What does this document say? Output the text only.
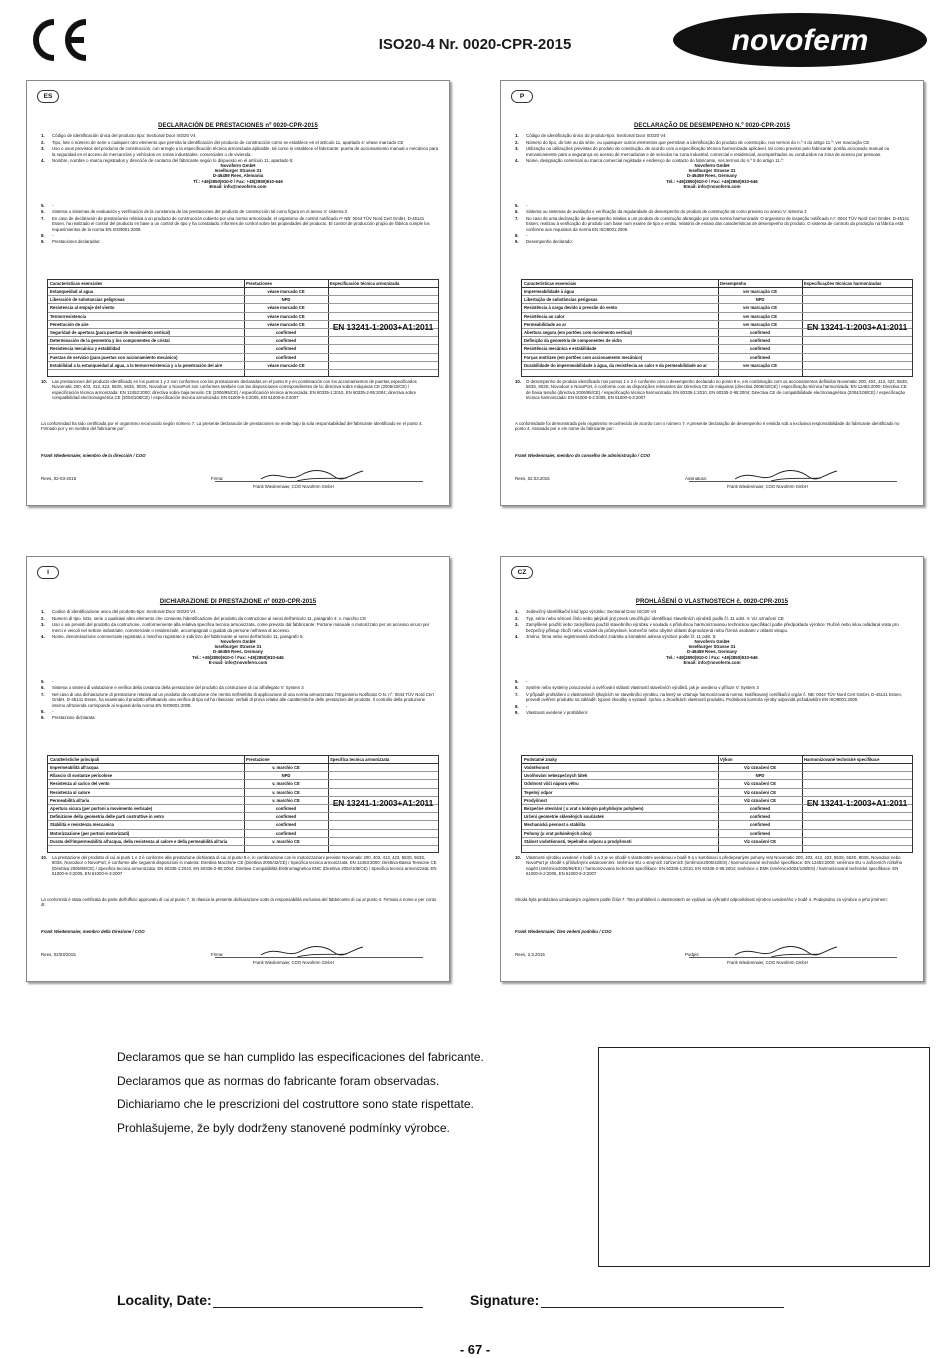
ISO20-4 Nr. 0020-CPR-2015	novoferm
ES
DECLARACIÓN DE PRESTACIONES nº 0020-CPR-2015
1.	Código de identificación única del producto tipo: Sectional Door ISO20 V4
2.	Tipo, lote o número de serie o cualquier otro elemento que permita la identificación del producto de construcción como se establece en el artículo 11, apartado 4: véase marcado CE
3.	Uso o usos previstos del producto de construcción, con arreglo a la especificación técnica armonizada aplicable, tal como lo establece el fabricante: puerta de accionamiento manual o mecánico para la seguridad en el acceso de mercancías y vehículos en zonas industriales, comerciales o de vivienda.
4.	Nombre, nombre o marca registrados y dirección de contacto del fabricante según lo dispuesto en el artículo 11, apartado 5:
Novoferm GmbH
Isselburger Strasse 31
D-46459 Rees, Alemania
Tf.: +49(2850)910-0 / Fax: +49(2850)910-646
Email: info@novoferm.com
5.	-
6.	Sistema o sistemas de evaluación y verificación de la constancia de las prestaciones del producto de construcción tal como figura en el anexo V: sistema 3
7.	En caso de declaración de prestaciones relativa a un producto de construcción cubierto por una norma armonizada: el organismo de control notificado nº NB: 0044 TÜV Nord Cert GmbH, D-45141 Essen, ha realizado el control del producto en base a un control de tipo y ha constatado: informes de control sobre las propiedades del producto. El control de producción propio de fábrica cumple los requerimientos de la norma EN ISO9001:2008.
8.	-
9.	Prestaciones declaradas:
Características esenciales	Prestaciones	Especificación técnica armonizada
Estanqueidad al agua	véase marcado CE
Liberación de substancias peligrosas	NPD
Resistencia al empuje del viento	véase marcado CE
Termorresistencia	véase marcado CE
Penetración de aire	véase marcado CE
Seguridad de apertura (para puertas de movimiento vertical)	confirmed
Determinación de la geometría y los componentes de cristal	confirmed
Resistencia mecánica y estabilidad	confirmed
Fuerzas de servicio (para puertas con accionamiento mecánico)	confirmed
Estabilidad a la estanqueidad al agua, a la termorresistencia y a la penetración del aire	véase marcado CE
EN 13241-1:2003+A1:2011
10.	Las prestaciones del producto identificado en los puntos 1 y 2 son conformes con las prestaciones declaradas en el punto 9 y en combinación con los accionamientos de puertas especificados Novomatic 200, 403, 413, 423, 553S, 563S, 803S, Novodoor o NovoPort son conformes también con las disposiciones correspondientes de la: directiva sobre máquinas CE (2006/42/CE) / especificación técnica armonizada: EN 12453:2000; directiva sobre baja tensión CE (2006/95/CE) / especificación técnica armonizada: EN 60335-1:2010, EN 60335-2-95:2004; directiva sobre compatibilidad electromagnética CE (2004/108/CE) / especificación técnica armonizada: EN 61000-6-2:2005, EN 61000-6-3:2007
La conformidad ha sido certificada por el organismo reconocido según número 7. La presente declaración de prestaciones se emite bajo la sola responsabilidad del fabricante identificado en el punto 4. Firmado por y en nombre del fabricante por:
Frank Wiedenmaier, miembro de la dirección / COO
Rees, 02-03-2015	Firma:
Frank Wiedenmaier, COO Novoferm GmbH
P
DECLARAÇÃO DE DESEMPENHO N.º 0020-CPR-2015
1.	Código de identificação único do produto-tipo: Sectional Door ISO20 V4
2.	Número do tipo, do lote ou da série, ou quaisquer outros elementos que permitam a identificação do produto de construção, nos termos do n.º 4 do artigo 11.º: ver marcação CE
3.	Utilização ou utilizações previstas do produto de construção, de acordo com a especificação técnica harmonizada aplicável, tal como previsto pelo fabricante: portão accionado manual ou mecanicamente para a segurança no acesso de mercadorias e de veículos na zona industrial, comercial e residencial, acompanhados ou conduzidos na zona de acesso por pessoas.
4.	Nome, designação comercial ou marca comercial registada e endereço de contacto do fabricante, nos termos do n.º 5 do artigo 11.º:
Novoferm GmbH
Isselburger Strasse 31
D-46459 Rees, Germany
Tel.: +49(2850)910-0 / Fax: +49(2850)910-646
Email: info@novoferm.com
5.	-
6.	Sistema ou sistemas de avaliação e verificação da regularidade do desempenho do produto de construção tal como previsto no anexo V: sistema 3
7.	No caso de uma declaração de desempenho relativa a um produto de construção abrangido por uma norma harmonizada: O organismo de inspeção notificado n.º: 0044 TÜV Nord Cert GmbH, D-45141 Essen, realizou a verificação do produto com base num exame de tipo e emitiu: relatório de ensaio das características de desempenho do produto. O sistema de controlo da produção na fábrica está conforme aos requisitos da norma EN ISO9001:2008.
8.	-
9.	Desempenho declarado:
Características essenciais	Desempenho	Especificações técnicas harmonizadas
Impermeabilidade à água	ver marcação CE
Libertação de substâncias perigosas	NPD
Resistência à carga devido à pressão do vento	ver marcação CE
Resistência ao calor	ver marcação CE
Permeabilidade ao ar	ver marcação CE
Abertura segura (em portões com movimento vertical)	confirmed
Definição da geometria de componentes de vidro	confirmed
Resistência mecânica e estabilidade	confirmed
Forças motrizes (em portões com accionamento mecânico)	confirmed
Durabilidade do impermeabilidade à água, da resistência ao calor e da permeabilidade ao ar	ver marcação CE
EN 13241-1:2003+A1:2011
10.	O desempenho do produto identificado nos pontos 1 e 2 é conforme com o desempenho declarado no ponto 9 e, em combinação com os accionamentos definidos Novomatic 200, 403, 413, 423, 553S, 563S, 803S, Novodoor e NovoPort, é conforme com as disposições relevantes da: Directiva CE de máquinas (directiva 2006/42/CE) / especificação técnica harmonizada: EN 12453:2000; Directiva CE de baixa tensão (directiva 2006/95/CE) / especificação técnica harmonizada: EN 60335-1:2010, EN 60335-2-95:2004; Directiva CE de compatibilidade electromagnética (2004/108/CE) / especificação técnica harmonizada: EN 61000-6-2:2005, EN 61000-6-3:2007
A conformidade foi demonstrada pelo organismo reconhecido de acordo com o número 7. A presente declaração de desempenho é emitida sob a exclusiva responsabilidade do fabricante identificado no ponto 4. Assinado por e em nome do fabricante por:
Frank Wiedenmaier, membro do conselho de administração / COO
Rees, 02.03.2015	Assinatura:
Frank Wiedenmaier, COO Novoferm GmbH
I
DICHIARAZIONE DI PRESTAZIONE nº 0020-CPR-2015
1.	Codice di identificazione unico del prodotto-tipo: Sectional Door ISO20 V4
2.	Numero di tipo, lotto, serie o qualsiasi altro elemento che consenta l'identificazione del prodotto da costruzione ai sensi dell'articolo 11, paragrafo 4: v. marchio CE
3.	Uso o usi previsti del prodotto da costruzione, conformemente alla relativa specifica tecnica armonizzata, come previsto dal fabbricante: Portone manuale o motorizzato per un accesso sicuro per merci e veicoli nel settore industriale, commerciale o residenziale, accompagnati o guidati da persone nell'area di accesso.
4.	Nome, denominazione commerciale registrata o marchio registrato e indirizzo del fabbricante ai sensi dell'articolo 11, paragrafo 5:
Novoferm GmbH
Isselburger Strasse 31
D-46459 Rees, Germany
Tel.: +49(2850)910-0 / Fax: +49(2850)910-646
E-mail: info@novoferm.com
5.	-
6.	Sistema o sistemi di valutazione e verifica della costanza della prestazione del prodotto da costruzione di cui all'allegato V: System 3
7.	Nel caso di una dichiarazione di prestazione relativa ad un prodotto da costruzione che rientra nell'ambito di applicazione di una norma armonizzata: l'Organismo Notificato O.N. n°: 0044 TÜV Nord Cert GmbH, D-45141 Essen, ha esaminato il prodotto effettuando una verifica di tipo ed ha rilasciato: verbali di prova relativi alle caratteristiche delle prestazioni del prodotto. Il controllo della produzione interno all'azienda corrisponde ai requisiti della norma EN ISO9001:2008.
8.	-
9.	Prestazione dichiarata:
Caratteristiche principali	Prestazione	Specifica tecnica armonizzata
Impermeabilità all'acqua	v. marchio CE
Rilascio di sostanze pericolose	NPD
Resistenza al carico del vento	v. marchio CE
Resistenza al calore	v. marchio CE
Permeabilità all'aria	v. marchio CE
Apertura sicura (per portoni a movimento verticale)	confirmed
Definizione della geometria delle parti costruttive in vetro	confirmed
Stabilità e resistenza meccanica	confirmed
Motorizzazione (per portoni motorizzati)	confirmed
Durata dell'impermeabilità all'acqua, della resistenza al calore e della permeabilità all'aria	v. marchio CE
EN 13241-1:2003+A1:2011
10.	La prestazione del prodotto di cui ai punti 1 e 2 è conforme alla prestazione dichiarata di cui al punto 9 e, in combinazione con le motorizzazioni previste Novomatic 200, 403, 413, 423, 553S, 563S, 803S, Novodoor o NovoPort, è conforme alle seguenti disposizioni in materia: Direttiva Macchine CE (Direttiva 2006/42/CE) / Specifica tecnica armonizzata: EN 12453:2000; Direttiva Bassa Tensione CE (Direttiva 2006/95/CE) / Specifica tecnica armonizzata: EN 60335-1:2010, EN 60335-2-95:2004; Direttiva Compatibilità Elettromagnetica EMC (Direttiva 2004/108/CE) / Specifica tecnica armonizzata: EN 61000-6-2:2005, EN 61000-6-3:2007
La conformità è stata certificata da parte dell'ufficio approvato di cui al punto 7. Si rilascia la presente dichiarazione sotto la responsabilità esclusiva del fabbricante di cui al punto 4. Firmato a nome e per conto di:
Frank Wiedenmaier, membro della Direzione / COO
Rees, 02/03/2015	Firma:
Frank Wiedenmaier, COO Novoferm GmbH
CZ
PROHLÁŠENÍ O VLASTNOSTECH č. 0020-CPR-2015
1.	Jedinečný identifikační kód typu výrobku: Sectional Door ISO20 V4
2.	Typ, série nebo sériové číslo nebo jakýkoli jiný prvek umožňující identifikaci stavebních výrobků podle čl. 11 odst. 4: Viz označení CE
3.	Zamýšlené použití nebo zamýšlená použití stavebního výrobku v souladu s příslušnou harmonizovanou technickou specifikací podle předpokladu výrobce: Ručně nebo silou ovládaná vrata pro bezpečný přístup zboží nebo vozidel do průmyslové, komerční nebo obytné oblasti doprovázená nebo řízená osobami v oblasti vstupu.
4.	Jméno, firma nebo registrovaná obchodní známka a kontaktní adresa výrobce podle čl. 11 odst. 5:
Novoferm GmbH
Isselburger Strasse 31
D-46459 Rees, Germany
Tel.: +49(2850)910-0 / Fax: +49(2850)910-646
Email: info@novoferm.com
5.	-
6.	Systém nebo systémy posuzování a ověřování stálosti vlastností stavebních výrobků, jak je uvedeno v příloze V: System 3
7.	V případě prohlášení o vlastnostech týkajících se stavebního výrobku, na který se vztahuje harmonizovaná norma: Notifikovaný certifikační orgán č. NB: 0044 TÜV Nord Cert GmbH, D-45141 Essen, provedl ověření produktu na základě: typové zkoušky a vystavil: zprávu o zkouškách vlastností produktu. Podniková kontrola výroby odpovídá požadavkům EN ISO9001:2008.
8.	-
9.	Vlastnosti uvedené v prohlášení:
Podstatné znaky	Výkon	Harmonizované technické specifikace
Vodotěsnost	Viz označení CE
Uvolňování nebezpečných látek	NPD
Odolnost vůči náporu větru	Viz označení CE
Tepelný odpor	Viz označení CE
Prodyšnost	Viz označení CE
Bezpečné otevírání ( u vrat s kolmým pohyblivým pohybem)	confirmed
Určení geometrie skleněných součástek	confirmed
Mechanická pevnost a stabilita	confirmed
Pohony (u vrat poháněných silou)	confirmed
Stálost vodotěsnosti, tepelného odporu a prodyšnosti	Viz označení CE
EN 13241-1:2003+A1:2011
10.	Vlastnosti výrobku uvedené v bodě 1 a 2 je ve shodě s vlastnostmi uvedenou v bodě 9 a v kombinaci s předepsanými pohony vrat Novomatic 200, 403, 413, 423, 553S, 563S, 803S, Novodoor nebo NovoPort je shodě s příslušnými ustanoveními: směrnice EU o strojních zařízeních (směrnice2006/42/ES) / harmonizované technické specifikace: EN 12453:2000; směrnice EU o zařízeních nízkého napětí (směrnice2006/95/ES) / harmonizované technické specifikace: EN 60335-1:2010, EN 60335-2-95:2004; směrnice o EMK (směrnice2004/108/ES) / harmonizované technické specifikace: EN 61000-6-2:2005, EN 61000-6-3:2007
Shoda byla prokázána uznávaným orgánem podle čísla 7. Toto prohlášení o vlastnostech se vydává na výhradní odpovědnost výrobce uvedeného v bodě 4. Podepsáno za výrobce a jeho jménem:
Frank Wiedenmaier, člen vedení podniku / COO
Rees, 2.3.2015	Podpis:
Frank Wiedenmaier, COO Novoferm GmbH
Declaramos que se han cumplido las especificaciones del fabricante.
Declaramos que as normas do fabricante foram observadas.
Dichiariamo che le prescrizioni del costruttore sono state rispettate.
Prohlašujeme, že byly dodrženy stanovené podmínky výrobce.
Locality, Date:	Signature:
- 67 -
